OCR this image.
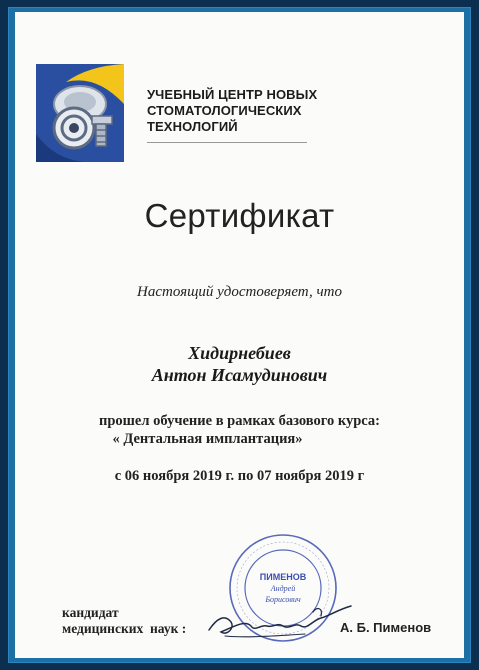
УЧЕБНЫЙ ЦЕНТР НОВЫХ
СТОМАТОЛОГИЧЕСКИХ
ТЕХНОЛОГИЙ
Сертификат
Настоящий удостоверяет, что
Хидирнебиев
Антон Исамудинович
прошел обучение в рамках базового курса:
« Дентальная имплантация»
с 06 ноября 2019 г. по 07 ноября 2019 г
ПИМЕНОВ
Андрей
Борисович
кандидат
медицинских  наук :	А. Б. Пименов
